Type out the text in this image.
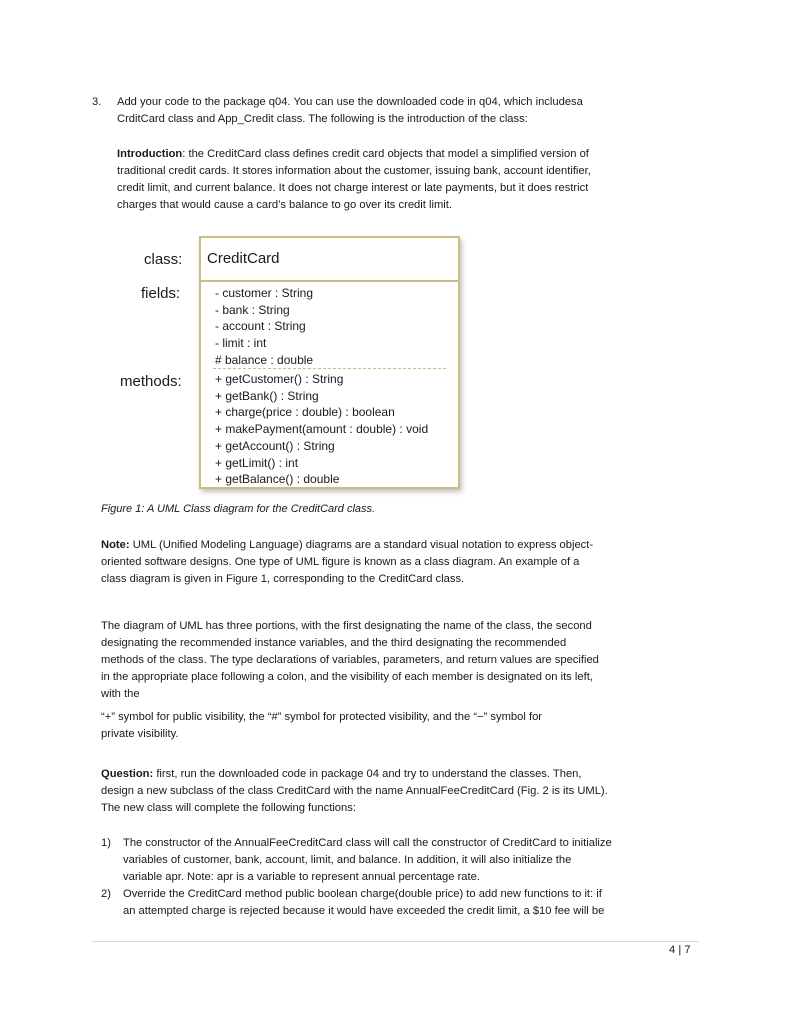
3. Add your code to the package q04. You can use the downloaded code in q04, which includesa

CrditCard class and App_Credit class. The following is the introduction of the class:

Introduction: the CreditCard class defines credit card objects that model a simplified version of

traditional credit cards. It stores information about the customer, issuing bank, account identifier,

credit limit, and current balance. It does not charge interest or late payments, but it does restrict

charges that would cause a card’s balance to go over its credit limit.

class:
fields:
methods:
CreditCard

- customer : String

- bank : String

- account : String

- limit : int

# balance : double

+ getCustomer() : String

+ getBank() : String

+ charge(price : double) : boolean

+ makePayment(amount : double) : void

+ getAccount() : String

+ getLimit() : int

+ getBalance() : double

Figure 1: A UML Class diagram for the CreditCard class.

Note: UML (Unified Modeling Language) diagrams are a standard visual notation to express object-

oriented software designs. One type of UML figure is known as a class diagram. An example of a

class diagram is given in Figure 1, corresponding to the CreditCard class.

The diagram of UML has three portions, with the first designating the name of the class, the second

designating the recommended instance variables, and the third designating the recommended

methods of the class. The type declarations of variables, parameters, and return values are specified

in the appropriate place following a colon, and the visibility of each member is designated on its left,

with the

“+” symbol for public visibility, the “#” symbol for protected visibility, and the “−” symbol for

private visibility.

Question: first, run the downloaded code in package 04 and try to understand the classes. Then,

design a new subclass of the class CreditCard with the name AnnualFeeCreditCard (Fig. 2 is its UML).

The new class will complete the following functions:

1) The constructor of the AnnualFeeCreditCard class will call the constructor of CreditCard to initialize

variables of customer, bank, account, limit, and balance. In addition, it will also initialize the

variable apr. Note: apr is a variable to represent annual percentage rate.

2) Override the CreditCard method public boolean charge(double price) to add new functions to it: if

an attempted charge is rejected because it would have exceeded the credit limit, a $10 fee will be

4 | 7
